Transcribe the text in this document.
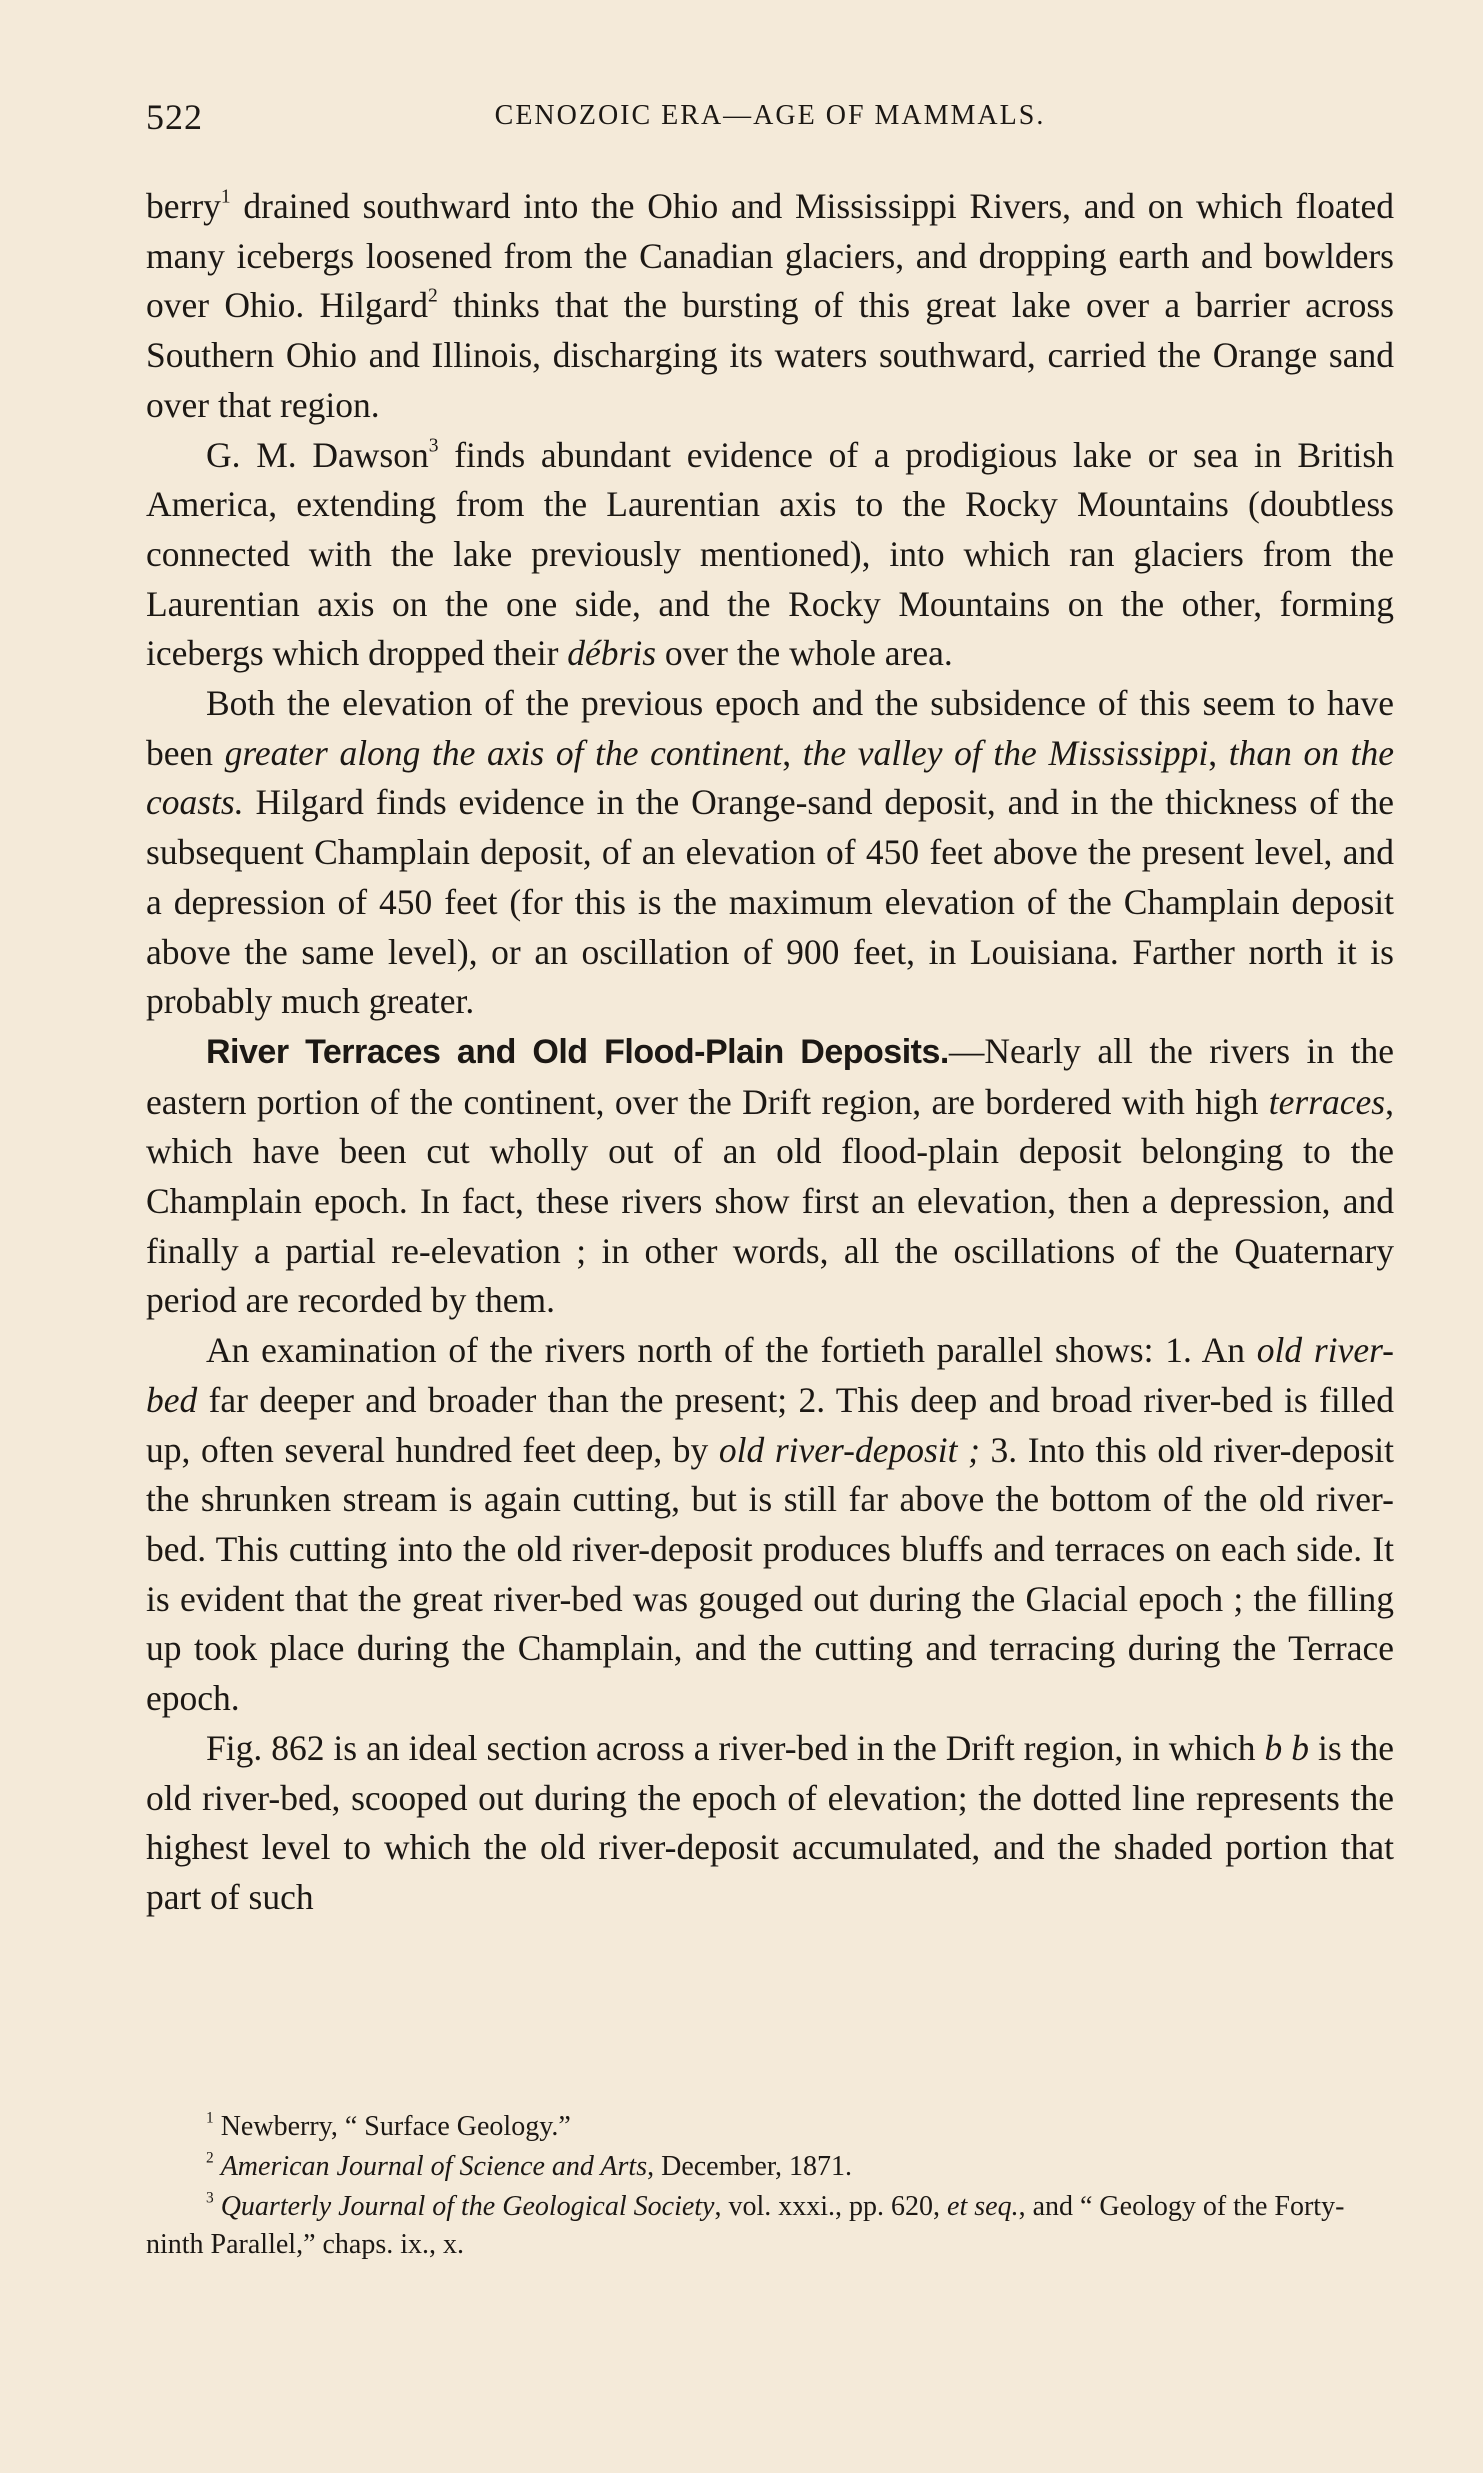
522	CENOZOIC ERA—AGE OF MAMMALS.

berry$^1$ drained southward into the Ohio and Mississippi Rivers, and on which floated many icebergs loosened from the Canadian glaciers, and dropping earth and bowlders over Ohio. Hilgard$^2$ thinks that the bursting of this great lake over a barrier across Southern Ohio and Illinois, discharging its waters southward, carried the Orange sand over that region.

G. M. Dawson$^3$ finds abundant evidence of a prodigious lake or sea in British America, extending from the Laurentian axis to the Rocky Mountains (doubtless connected with the lake previously mentioned), into which ran glaciers from the Laurentian axis on the one side, and the Rocky Mountains on the other, forming icebergs which dropped their débris over the whole area.

Both the elevation of the previous epoch and the subsidence of this seem to have been greater along the axis of the continent, the valley of the Mississippi, than on the coasts. Hilgard finds evidence in the Orange-sand deposit, and in the thickness of the subsequent Champlain deposit, of an elevation of 450 feet above the present level, and a depression of 450 feet (for this is the maximum elevation of the Champlain deposit above the same level), or an oscillation of 900 feet, in Louisiana. Farther north it is probably much greater.

River Terraces and Old Flood-Plain Deposits.—Nearly all the rivers in the eastern portion of the continent, over the Drift region, are bordered with high terraces, which have been cut wholly out of an old flood-plain deposit belonging to the Champlain epoch. In fact, these rivers show first an elevation, then a depression, and finally a partial re-elevation ; in other words, all the oscillations of the Quaternary period are recorded by them.

An examination of the rivers north of the fortieth parallel shows: 1. An old river-bed far deeper and broader than the present; 2. This deep and broad river-bed is filled up, often several hundred feet deep, by old river-deposit ; 3. Into this old river-deposit the shrunken stream is again cutting, but is still far above the bottom of the old river-bed. This cutting into the old river-deposit produces bluffs and terraces on each side. It is evident that the great river-bed was gouged out during the Glacial epoch ; the filling up took place during the Champlain, and the cutting and terracing during the Terrace epoch.

Fig. 862 is an ideal section across a river-bed in the Drift region, in which b b is the old river-bed, scooped out during the epoch of elevation; the dotted line represents the highest level to which the old river-deposit accumulated, and the shaded portion that part of such

$^1$ Newberry, “ Surface Geology.”

$^2$ American Journal of Science and Arts, December, 1871.

$^3$ Quarterly Journal of the Geological Society, vol. xxxi., pp. 620, et seq., and “ Geology of the Forty-ninth Parallel,” chaps. ix., x.
